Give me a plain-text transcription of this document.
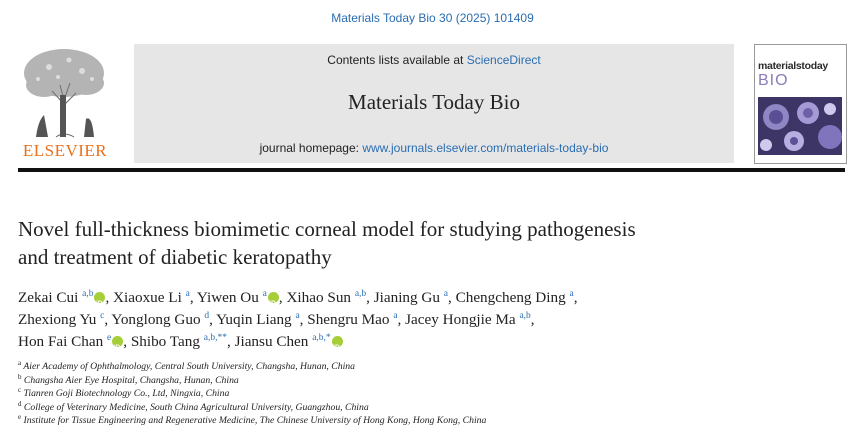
Materials Today Bio 30 (2025) 101409
ELSEVIER
Contents lists available at ScienceDirect
Materials Today Bio
journal homepage: www.journals.elsevier.com/materials-today-bio
materialstoday
BIO
Novel full-thickness biomimetic corneal model for studying pathogenesis
and treatment of diabetic keratopathy
Zekai Cui $^{a,b}$ iD , Xiaoxue Li $^a$, Yiwen Ou $^a$ iD , Xihao Sun $^{a,b}$, Jianing Gu $^a$, Chengcheng Ding $^a$,
Zhexiong Yu $^c$, Yonglong Guo $^d$, Yuqin Liang $^a$, Shengru Mao $^a$, Jacey Hongjie Ma $^{a,b}$,
Hon Fai Chan $^e$ iD , Shibo Tang $^{a,b,**}$, Jiansu Chen $^{a,b,*}$iD
$^a$ Aier Academy of Ophthalmology, Central South University, Changsha, Hunan, China
$^b$ Changsha Aier Eye Hospital, Changsha, Hunan, China
$^c$ Tianren Goji Biotechnology Co., Ltd, Ningxia, China
$^d$ College of Veterinary Medicine, South China Agricultural University, Guangzhou, China
$^e$ Institute for Tissue Engineering and Regenerative Medicine, The Chinese University of Hong Kong, Hong Kong, China
